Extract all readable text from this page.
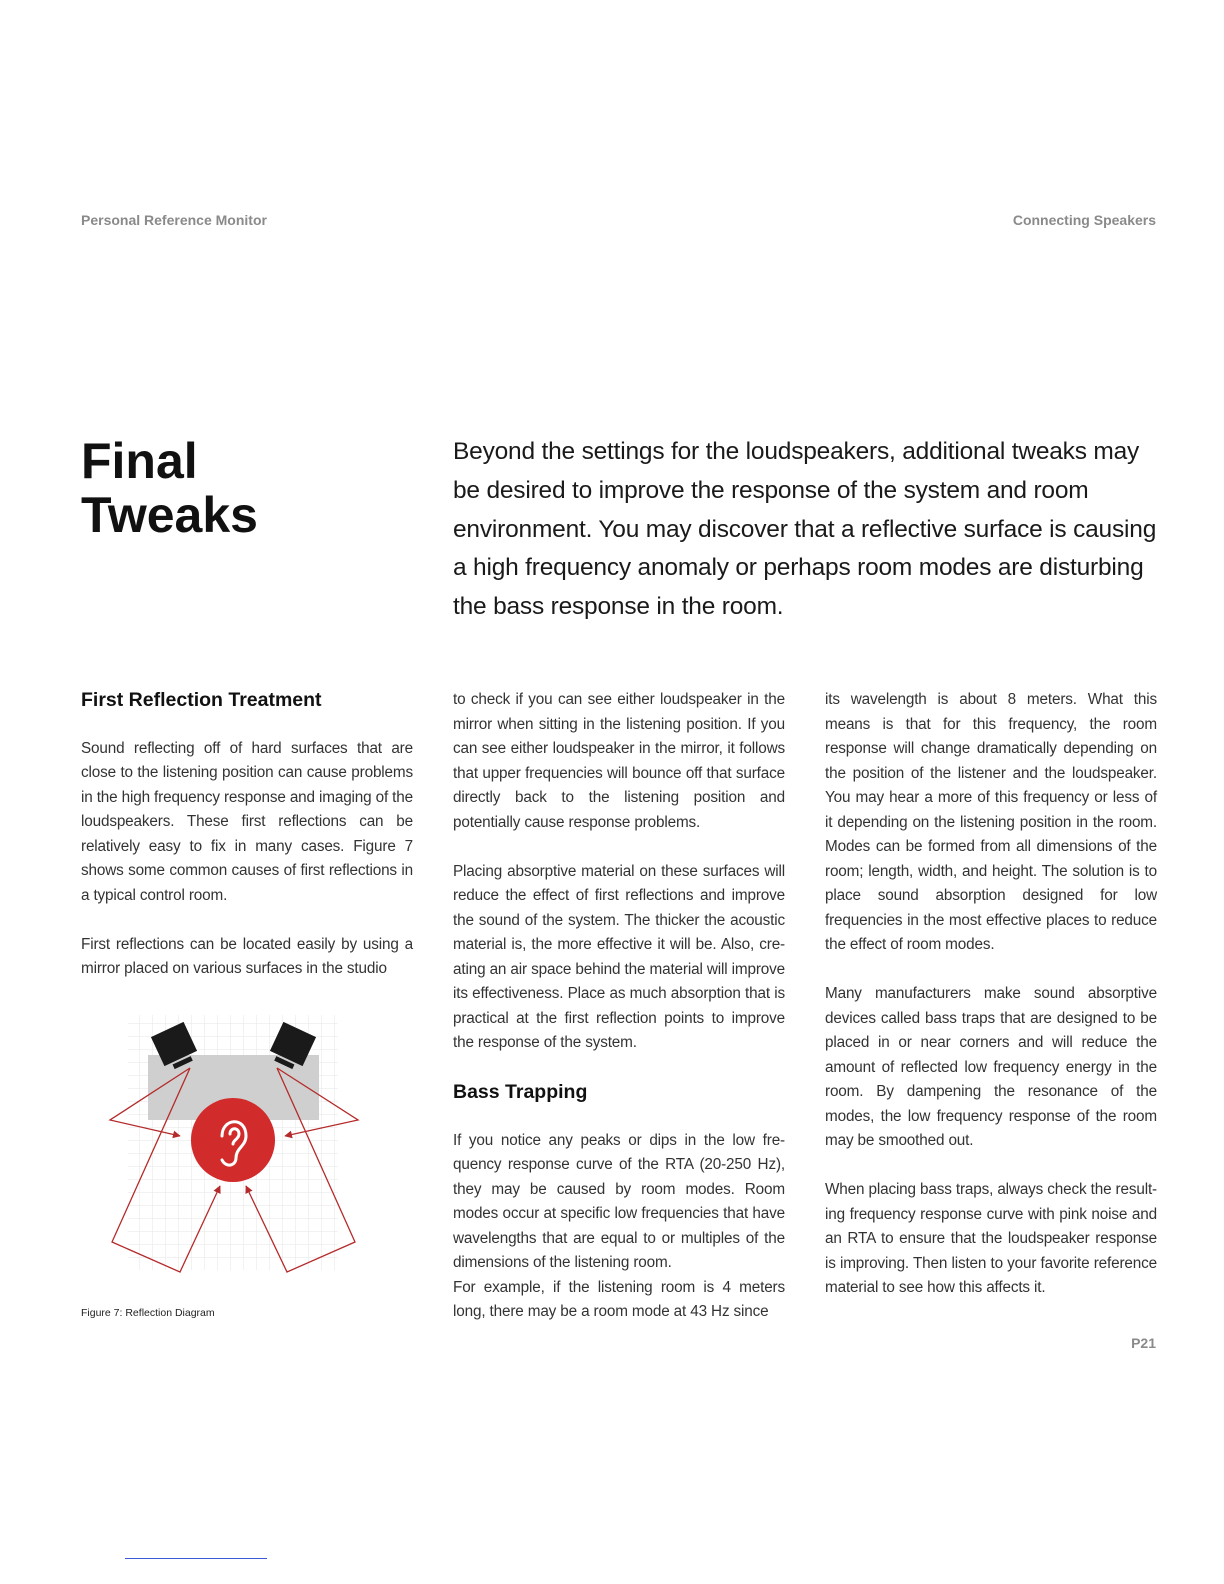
Personal Reference Monitor	Connecting Speakers
Final
Tweaks

Beyond the settings for the loudspeakers, additional tweaks may be desired to improve the response of the system and room environment. You may discover that a reflective surface is causing a high frequency anomaly or perhaps room modes are disturbing the bass response in the room.

First Reflection Treatment

Sound reflecting off of hard surfaces that are close to the listening position can cause problems in the high frequency response and imaging of the loudspeakers. These first reflections can be relatively easy to fix in many cases. Figure 7 shows some common causes of first reflections in a typical control room.

First reflections can be located easily by using a mirror placed on various surfaces in the studio

Figure 7: Reflection Diagram

to check if you can see either loudspeaker in the mirror when sitting in the listening position. If you can see either loudspeaker in the mirror, it follows that upper frequencies will bounce off that surface directly back to the listening position and potentially cause response problems.

Placing absorptive material on these surfaces will reduce the effect of first reflections and improve the sound of the system. The thicker the acoustic material is, the more effective it will be. Also, cre-ating an air space behind the material will improve its effectiveness. Place as much absorption that is practical at the first reflection points to improve the response of the system.

Bass Trapping

If you notice any peaks or dips in the low fre-quency response curve of the RTA (20-250 Hz), they may be caused by room modes. Room modes occur at specific low frequencies that have wavelengths that are equal to or multiples of the dimensions of the listening room.

For example, if the listening room is 4 meters long, there may be a room mode at 43 Hz since

its wavelength is about 8 meters. What this means is that for this frequency, the room response will change dramatically depending on the position of the listener and the loudspeaker. You may hear a more of this frequency or less of it depending on the listening position in the room. Modes can be formed from all dimensions of the room; length, width, and height. The solution is to place sound absorption designed for low frequencies in the most effective places to reduce the effect of room modes.

Many manufacturers make sound absorptive devices called bass traps that are designed to be placed in or near corners and will reduce the amount of reflected low frequency energy in the room. By dampening the resonance of the modes, the low frequency response of the room may be smoothed out.

When placing bass traps, always check the result-ing frequency response curve with pink noise and an RTA to ensure that the loudspeaker response is improving. Then listen to your favorite reference material to see how this affects it.

P21
